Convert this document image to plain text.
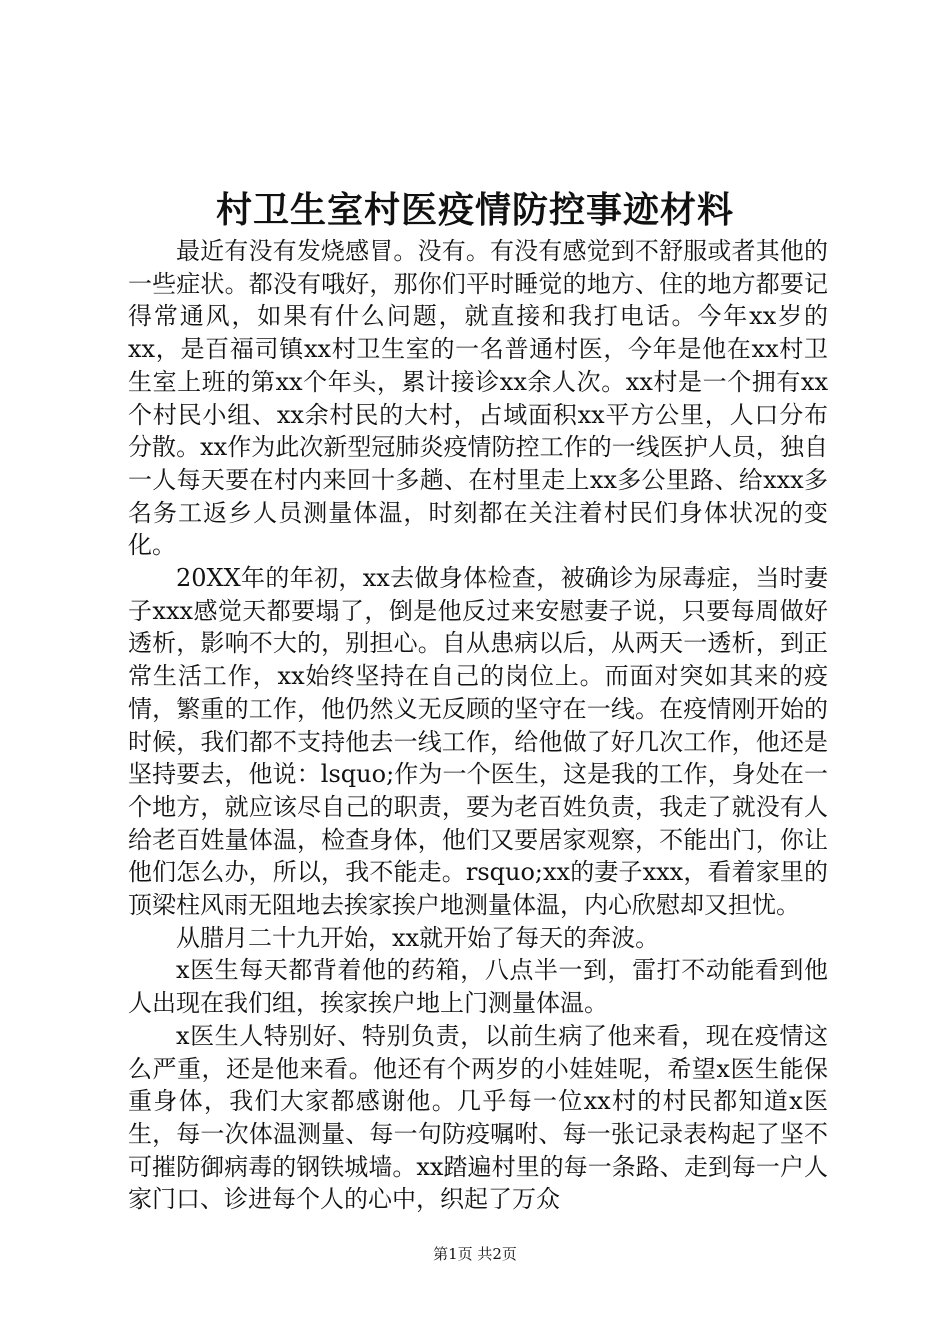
村卫生室村医疫情防控事迹材料

最近有没有发烧感冒。没有。有没有感觉到不舒服或者其他的一些症状。都没有哦好，那你们平时睡觉的地方、住的地方都要记得常通风，如果有什么问题，就直接和我打电话。今年xx岁的xx，是百福司镇xx村卫生室的一名普通村医，今年是他在xx村卫生室上班的第xx个年头，累计接诊xx余人次。xx村是一个拥有xx个村民小组、xx余村民的大村，占域面积xx平方公里，人口分布分散。xx作为此次新型冠肺炎疫情防控工作的一线医护人员，独自一人每天要在村内来回十多趟、在村里走上xx多公里路、给xxx多名务工返乡人员测量体温，时刻都在关注着村民们身体状况的变化。

20XX年的年初，xx去做身体检查，被确诊为尿毒症，当时妻子xxx感觉天都要塌了，倒是他反过来安慰妻子说，只要每周做好透析，影响不大的，别担心。自从患病以后，从两天一透析，到正常生活工作，xx始终坚持在自己的岗位上。而面对突如其来的疫情，繁重的工作，他仍然义无反顾的坚守在一线。在疫情刚开始的时候，我们都不支持他去一线工作，给他做了好几次工作，他还是坚持要去，他说：lsquo;作为一个医生，这是我的工作，身处在一个地方，就应该尽自己的职责，要为老百姓负责，我走了就没有人给老百姓量体温，检查身体，他们又要居家观察，不能出门，你让他们怎么办，所以，我不能走。rsquo;xx的妻子xxx，看着家里的顶梁柱风雨无阻地去挨家挨户地测量体温，内心欣慰却又担忧。

从腊月二十九开始，xx就开始了每天的奔波。

x医生每天都背着他的药箱，八点半一到，雷打不动能看到他人出现在我们组，挨家挨户地上门测量体温。

x医生人特别好、特别负责，以前生病了他来看，现在疫情这么严重，还是他来看。他还有个两岁的小娃娃呢，希望x医生能保重身体，我们大家都感谢他。几乎每一位xx村的村民都知道x医生，每一次体温测量、每一句防疫嘱咐、每一张记录表构起了坚不可摧防御病毒的钢铁城墙。xx踏遍村里的每一条路、走到每一户人家门口、诊进每个人的心中，织起了万众

第1页 共2页
